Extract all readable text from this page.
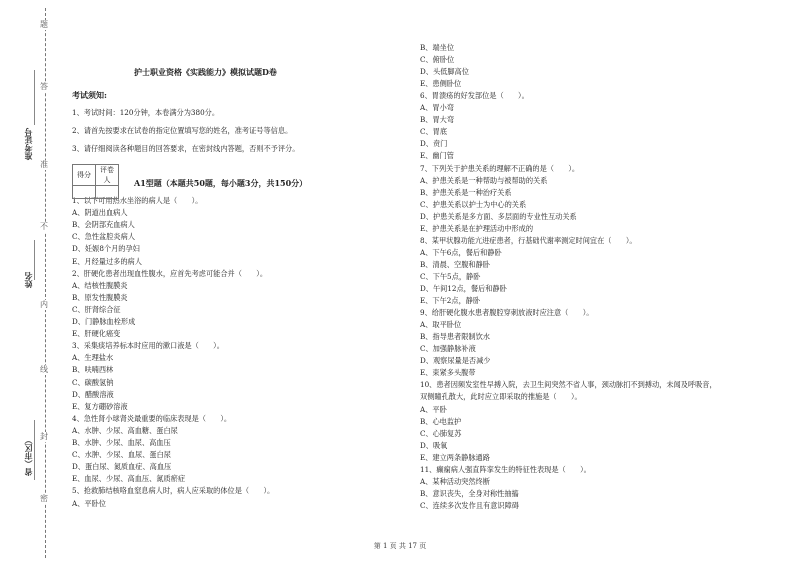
题
答
准
不
内
线
封
密
准考证号
姓名
省（市区）
护士职业资格《实践能力》模拟试题D卷
考试须知:
1、考试时间：120分钟，本卷满分为380分。
2、请首先按要求在试卷的指定位置填写您的姓名，准考证号等信息。
3、请仔细阅读各种题目的回答要求，在密封线内答题，否则不予评分。
A1型题（本题共50题，每小题3分，共150分）
1、以下可用热水坐浴的病人是（　　）。
A、阴道出血病人
B、会阴部充血病人
C、急性盆腔炎病人
D、妊娠8个月的孕妇
E、月经量过多的病人
2、肝硬化患者出现血性腹水，应首先考虑可能合并（　　）。
A、结核性腹膜炎
B、原发性腹膜炎
C、肝肾综合征
D、门静脉血栓形成
E、肝硬化癌变
3、采集痰培养标本时应用的漱口液是（　　）。
A、生理盐水
B、呋喃西林
C、碳酸氢钠
D、醋酸溶液
E、复方硼砂溶液
4、急性肾小球肾炎最重要的临床表现是（　　）。
A、水肿、少尿、高血糖、蛋白尿
B、水肿、少尿、血尿、高血压
C、水肿、少尿、血尿、蛋白尿
D、蛋白尿、氮质血症、高血压
E、血尿、少尿、高血压、氮质瘀症
5、抢救肺结核咯血窒息病人时，病人应采取的体位是（　　）。
A、平卧位
得分	评卷人

B、端坐位
C、俯卧位
D、头低脚高位
E、患侧卧位
6、胃溃疡的好发部位是（　　）。
A、胃小弯
B、胃大弯
C、胃底
D、贲门
E、幽门管
7、下列关于护患关系的理解不正确的是（　　）。
A、护患关系是一种帮助与被帮助的关系
B、护患关系是一种治疗关系
C、护患关系以护士为中心的关系
D、护患关系是多方面、多层面的专业性互动关系
E、护患关系是在护理活动中形成的
8、某甲状腺功能亢进症患者，行基础代谢率测定时间宜在（　　）。
A、下午6点，餐后和静卧
B、清晨、空腹和静卧
C、下午5点，静卧
D、午间12点，餐后和静卧
E、下午2点，静卧
9、给肝硬化腹水患者腹腔穿刺放液时应注意（　　）。
A、取平卧位
B、指导患者限制饮水
C、加强静脉补液
D、观察尿量是否减少
E、束紧多头腹带
10、患者因频发室性早搏入院，去卫生间突然不省人事，颈动脉扪不到搏动，未闻及呼吸音，
双侧瞳孔散大，此时应立即采取的推施是（　　）。
A、平卧
B、心电监护
C、心肺复苏
D、吸氧
E、建立两条静脉通路
11、癫痫病人强直阵挛发生的特征性表现是（　　）。
A、某种活动突然终断
B、意识丧失，全身对称性抽搐
C、连续多次发作且有意识障碍
第 1 页 共 17 页
